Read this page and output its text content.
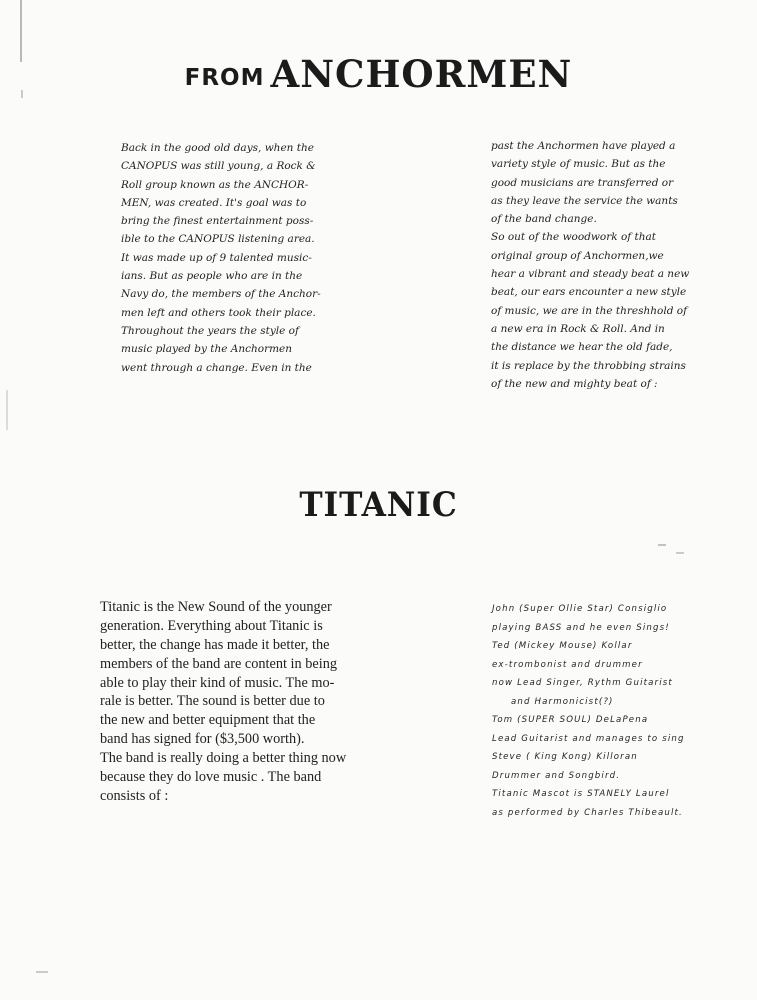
FROM ANCHORMEN
Back in the good old days, when the
CANOPUS was still young, a Rock &
Roll group known as the ANCHOR-
MEN, was created. It's goal was to
bring the finest entertainment poss-
ible to the CANOPUS listening area.
It was made up of 9 talented music-
ians. But as people who are in the
Navy do, the members of the Anchor-
men left and others took their place.
Throughout the years the style of
music played by the Anchormen
went through a change. Even in the
past the Anchormen have played a
variety style of music. But as the
good musicians are transferred or
as they leave the service the wants
of the band change.
So out of the woodwork of that
original group of Anchormen,we
hear a vibrant and steady beat a new
beat, our ears encounter a new style
of music, we are in the threshhold of
a new era in Rock & Roll. And in
the distance we hear the old fade,
it is replace by the throbbing strains
of the new and mighty beat of :
TITANIC
Titanic is the New Sound of the younger
generation. Everything about Titanic is
better, the change has made it better, the
members of the band are content in being
able to play their kind of music. The mo-
rale is better. The sound is better due to
the new and better equipment that the
band has signed for ($3,500 worth).
The band is really doing a better thing now
because they do love music . The band
consists of :
John (Super Ollie Star) Consiglio
playing BASS and he even Sings!
Ted (Mickey Mouse) Kollar
ex-trombonist and drummer
now Lead Singer, Rythm Guitarist
and Harmonicist(?)
Tom (SUPER SOUL) DeLaPena
Lead Guitarist and manages to sing
Steve ( King Kong) Killoran
Drummer and Songbird.
Titanic Mascot is STANELY Laurel
as performed by Charles Thibeault.
